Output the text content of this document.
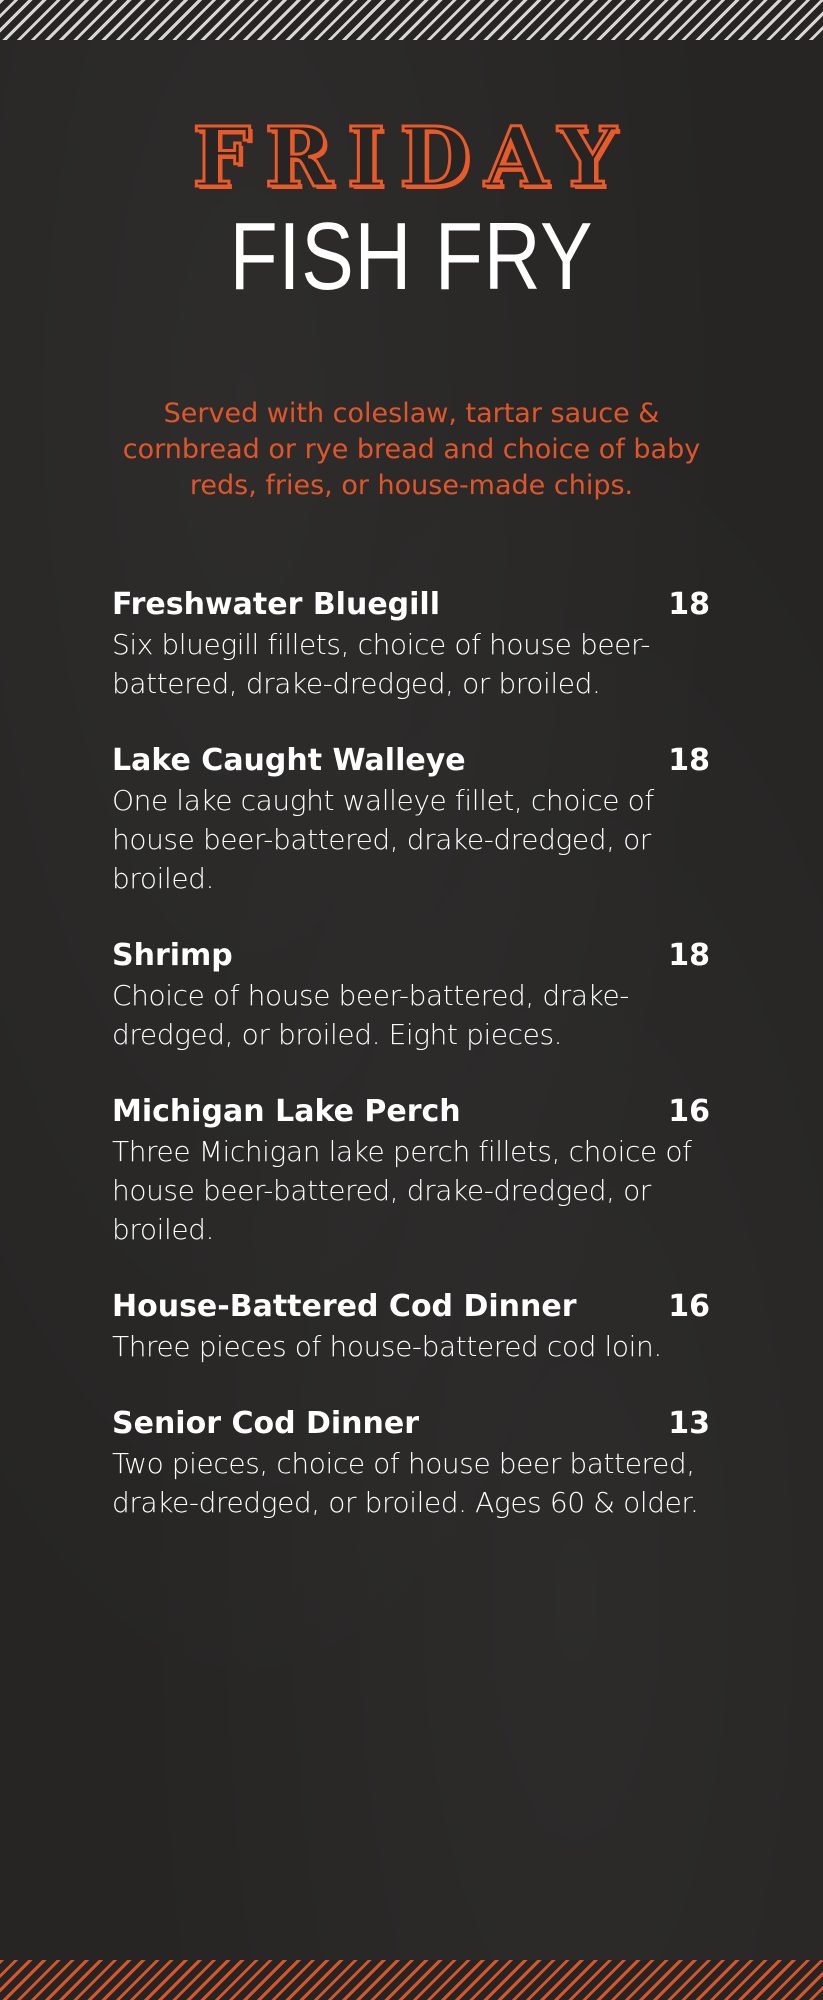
FRIDAY
FISH FRY
Served with coleslaw, tartar sauce & cornbread or rye bread and choice of baby reds, fries, or house-made chips.
Freshwater Bluegill	18
Six bluegill fillets, choice of house beer-battered, drake-dredged, or broiled.
Lake Caught Walleye	18
One lake caught walleye fillet, choice of house beer-battered, drake-dredged, or broiled.
Shrimp	18
Choice of house beer-battered, drake-dredged, or broiled. Eight pieces.
Michigan Lake Perch	16
Three Michigan lake perch fillets, choice of house beer-battered, drake-dredged, or broiled.
House-Battered Cod Dinner	16
Three pieces of house-battered cod loin.
Senior Cod Dinner	13
Two pieces, choice of house beer battered, drake-dredged, or broiled. Ages 60 & older.
